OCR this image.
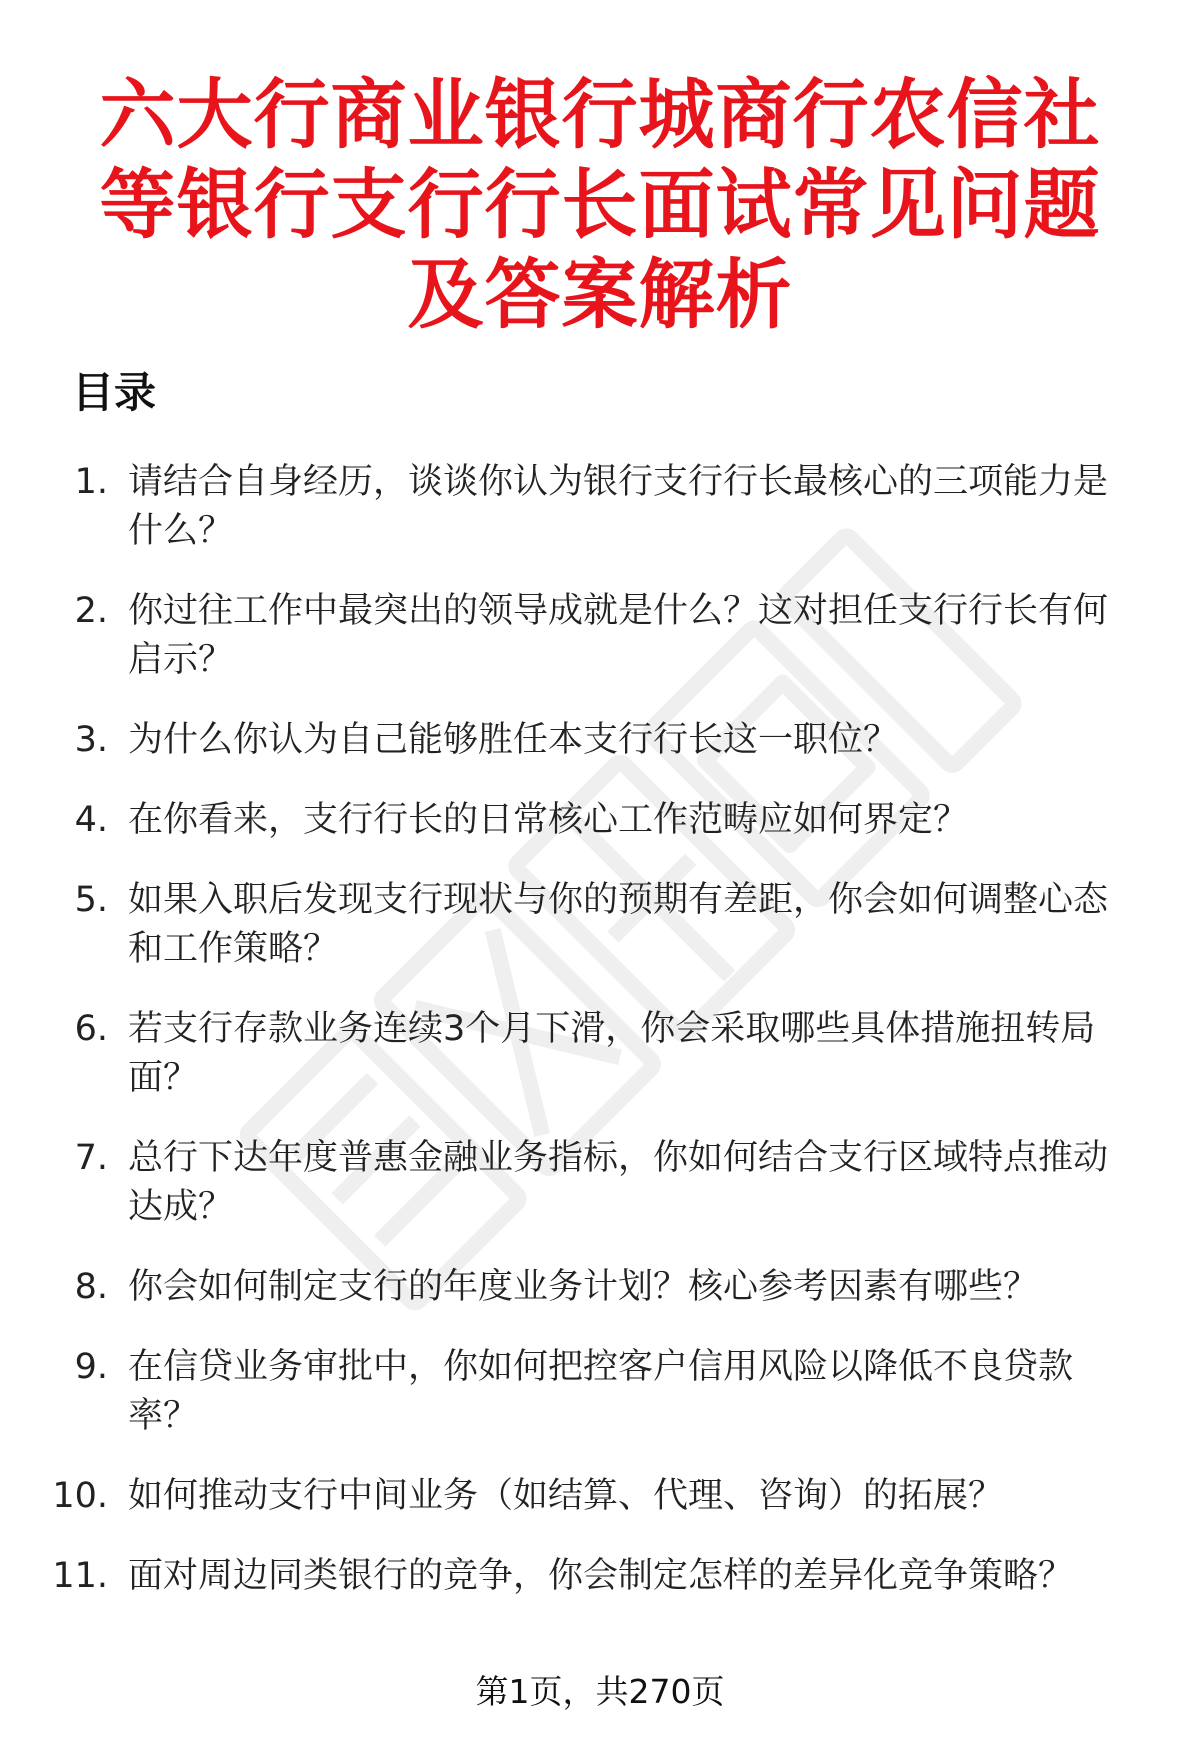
六大行商业银行城商行农信社等银行支行行长面试常见问题及答案解析
目录
1. 请结合自身经历，谈谈你认为银行支行行长最核心的三项能力是什么？
2. 你过往工作中最突出的领导成就是什么？这对担任支行行长有何启示？
3. 为什么你认为自己能够胜任本支行行长这一职位？
4. 在你看来，支行行长的日常核心工作范畴应如何界定？
5. 如果入职后发现支行现状与你的预期有差距，你会如何调整心态和工作策略？
6. 若支行存款业务连续3个月下滑，你会采取哪些具体措施扭转局面？
7. 总行下达年度普惠金融业务指标，你如何结合支行区域特点推动达成？
8. 你会如何制定支行的年度业务计划？核心参考因素有哪些？
9. 在信贷业务审批中，你如何把控客户信用风险以降低不良贷款率？
10. 如何推动支行中间业务（如结算、代理、咨询）的拓展？
11. 面对周边同类银行的竞争，你会制定怎样的差异化竞争策略？
第1页，共270页
